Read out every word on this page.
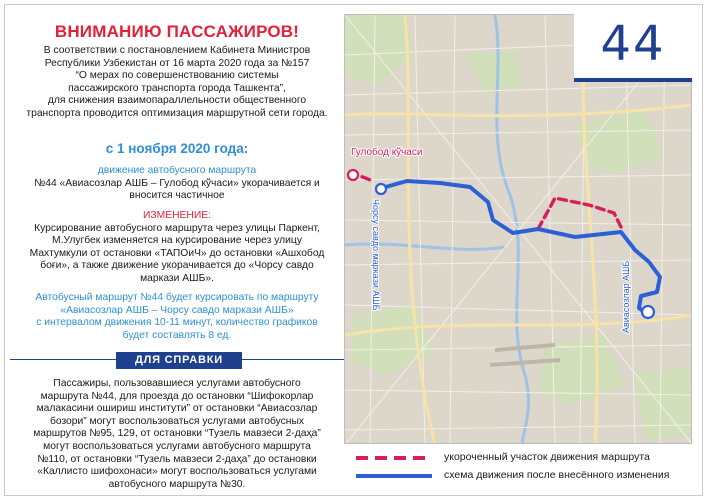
ВНИМАНИЮ ПАССАЖИРОВ!
В соответствии с постановлением Кабинета Министров
Республики Узбекистан от 16 марта 2020 года за №157
“О мерах по совершенствованию системы
пассажирского транспорта города Ташкента”,
для снижения взаимопараллельности общественного
транспорта проводится оптимизация маршрутной сети города.
с 1 ноября 2020 года:
движение автобусного маршрута
№44 «Авиасозлар АШБ – Гулобод кўчаси» укорачивается и
вносится частичное
ИЗМЕНЕНИЕ:
Курсирование автобусного маршрута через улицы Паркент,
М.Улугбек изменяется на курсирование через улицу
Махтумкули от остановки «ТАПОиЧ» до остановки «Ашхобод
боғи», а также движение укорачивается до «Чорсу савдо
маркази АШБ».
Автобусный маршрут №44 будет курсировать по маршруту
«Авиасозлар АШБ – Чорсу савдо маркази АШБ»
с интервалом движения 10-11 минут, количество графиков
будет составлять 8 ед.
ДЛЯ СПРАВКИ
Пассажиры, пользовавшиеся услугами автобусного
маршрута №44, для проезда до остановки “Шифокорлар
малакасини ошириш институти” от остановки “Авиасозлар
бозори” могут воспользоваться услугами автобусных
маршрутов №95, 129, от остановки “Тузель мавзеси 2-даҳа”
могут воспользоваться услугами автобусного маршрута
№110, от остановки “Тузель мавзеси 2-даҳа” до остановки
«Каллисто шифохонаси» могут воспользоваться услугами
автобусного маршрута №30.
Гулобод кўчаси
Чорсу савдо маркази АШБ	Авиасозлар АШБ
44
укороченный участок движения маршрута
схема движения после внесённого изменения
